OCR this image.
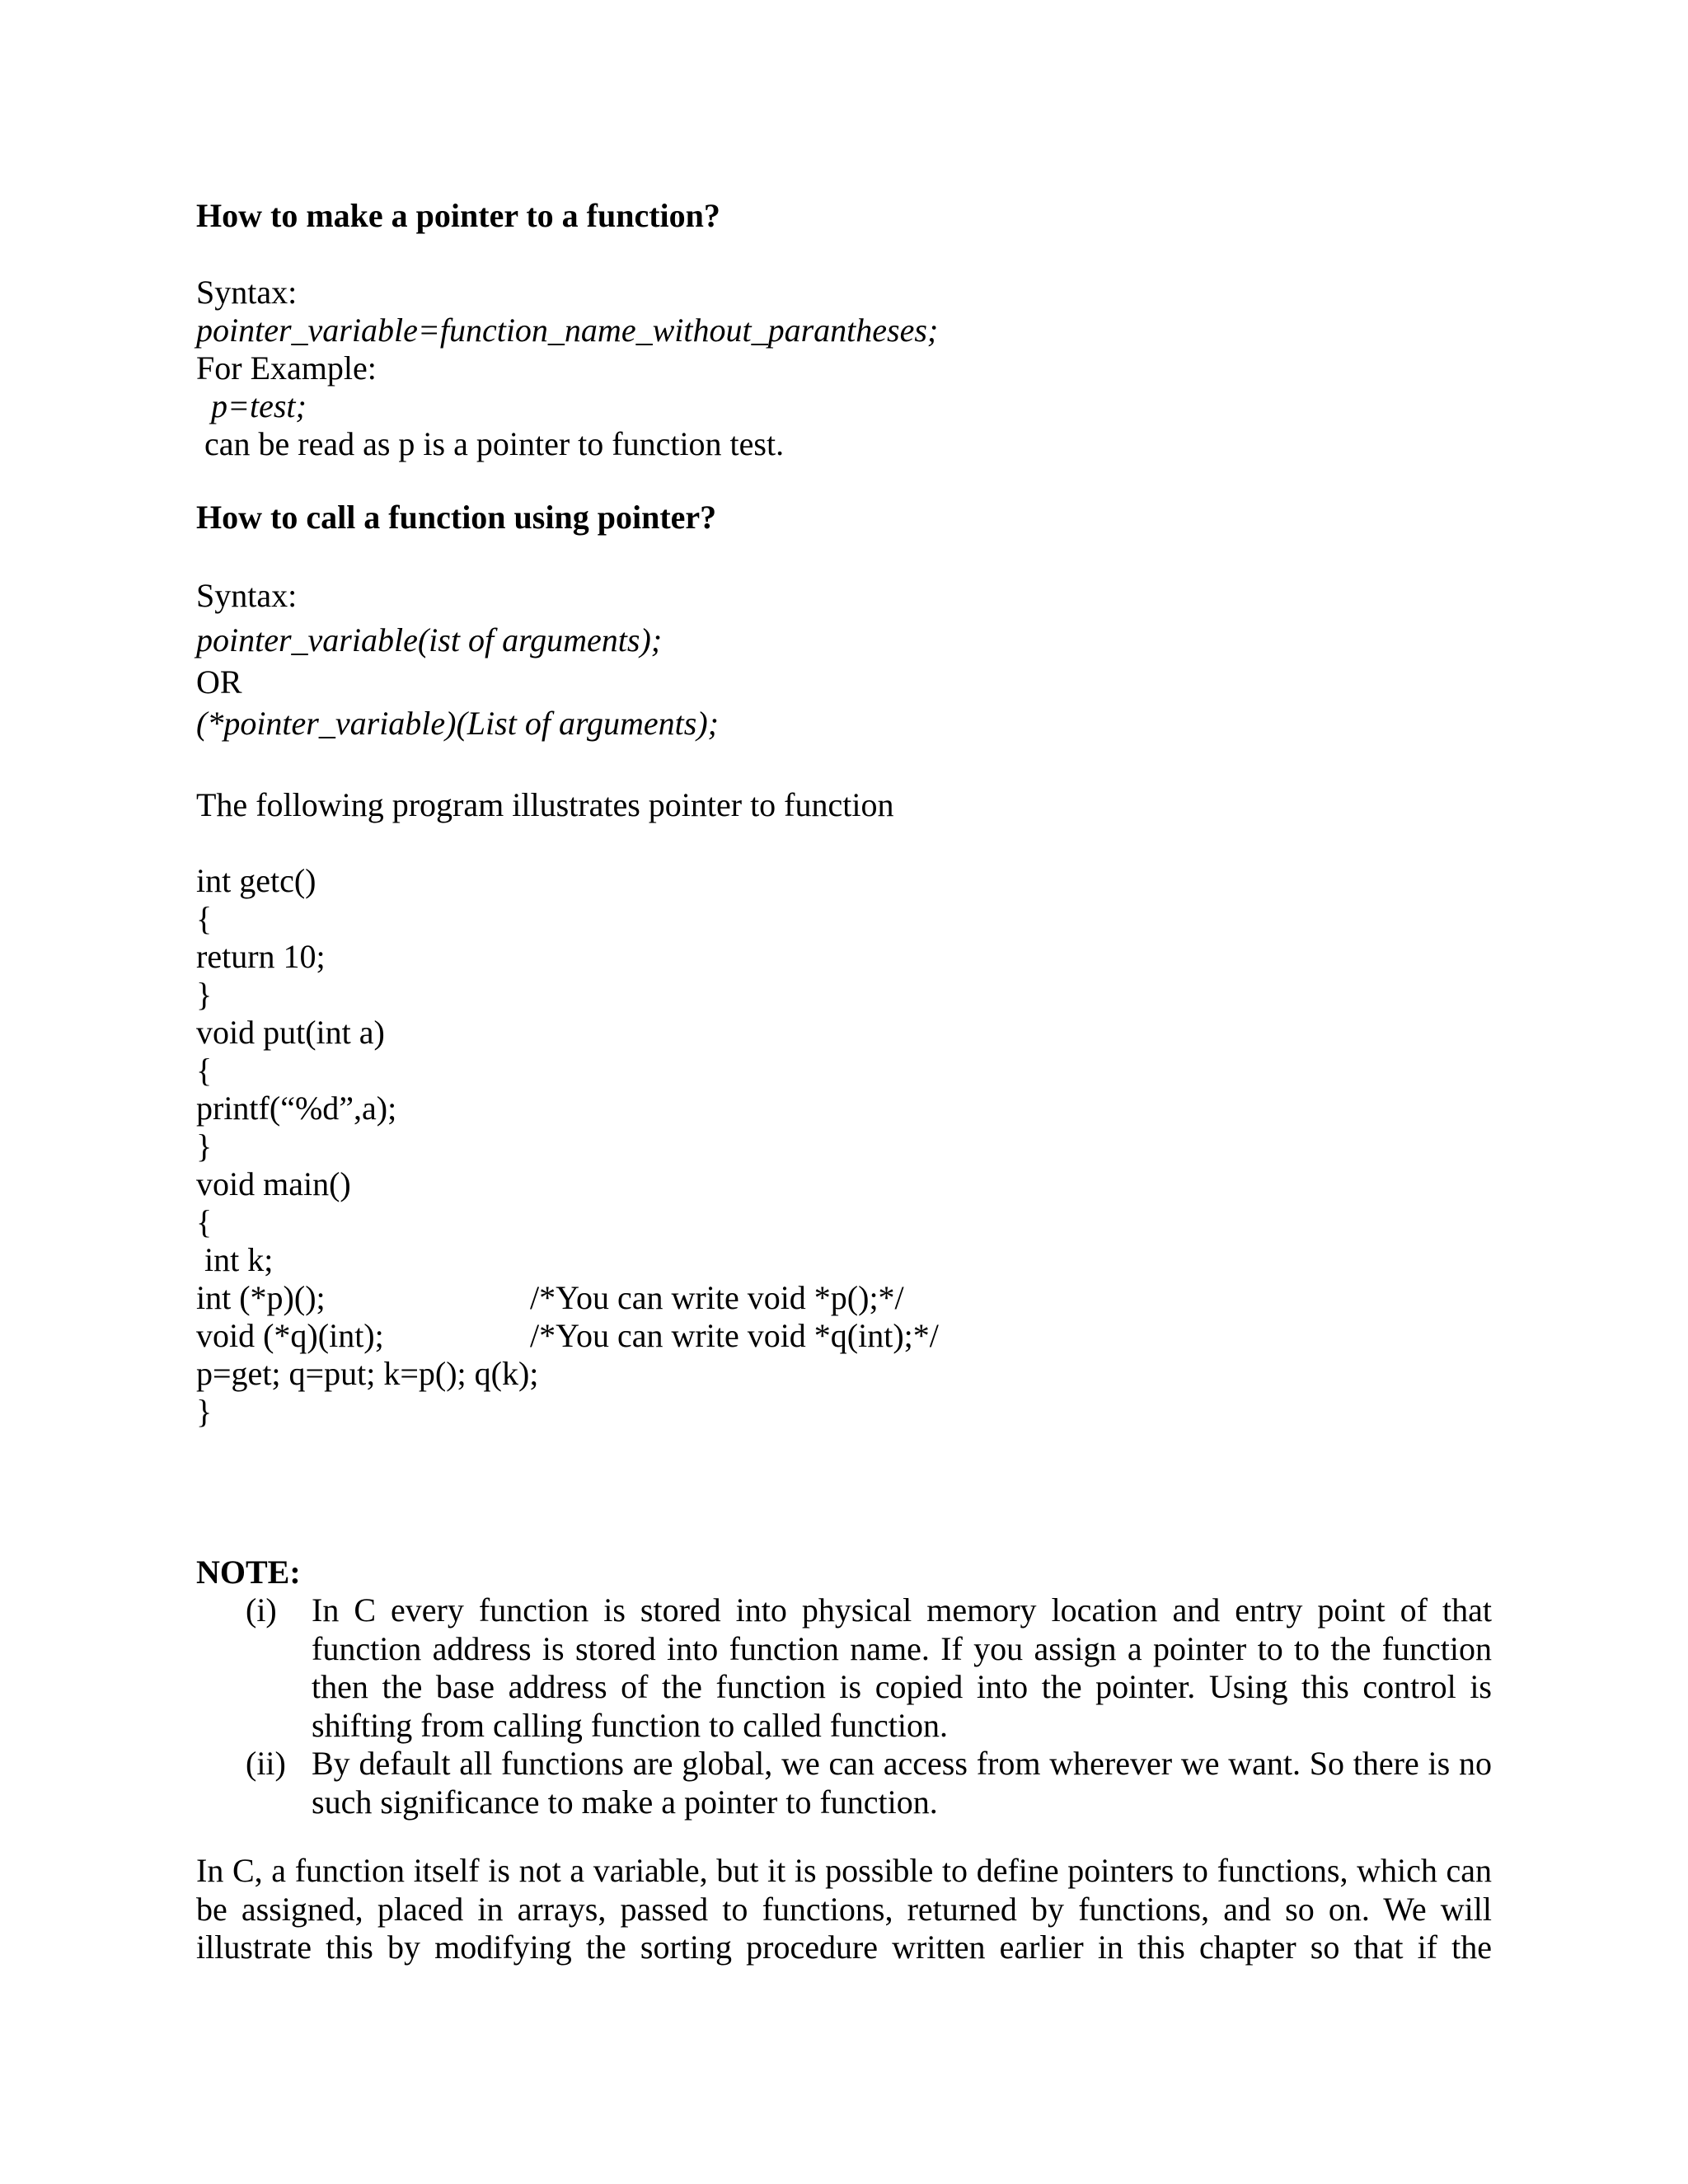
How to make a pointer to a function?
Syntax:
pointer_variable=function_name_without_parantheses;
For Example:
p=test;
can be read as p is a pointer to function test.
How to call a function using pointer?
Syntax:
pointer_variable(ist of arguments);
OR
(*pointer_variable)(List of arguments);
The following program illustrates pointer to function
int getc()
{
return 10;
}
void put(int a)
{
printf(“%d”,a);
}
void main()
{
int k;
int (*p)();	/*You can write void *p();*/
void (*q)(int);	/*You can write void *q(int);*/
p=get; q=put; k=p(); q(k);
}
NOTE:
(i) In C every function is stored into physical memory location and entry point of that function address is stored into function name. If you assign a pointer to to the function then the base address of the function is copied into the pointer. Using this control is shifting from calling function to called function.
(ii) By default all functions are global, we can access from wherever we want. So there is no such significance to make a pointer to function.

In C, a function itself is not a variable, but it is possible to define pointers to functions, which can be assigned, placed in arrays, passed to functions, returned by functions, and so on. We will illustrate this by modifying the sorting procedure written earlier in this chapter so that if the
